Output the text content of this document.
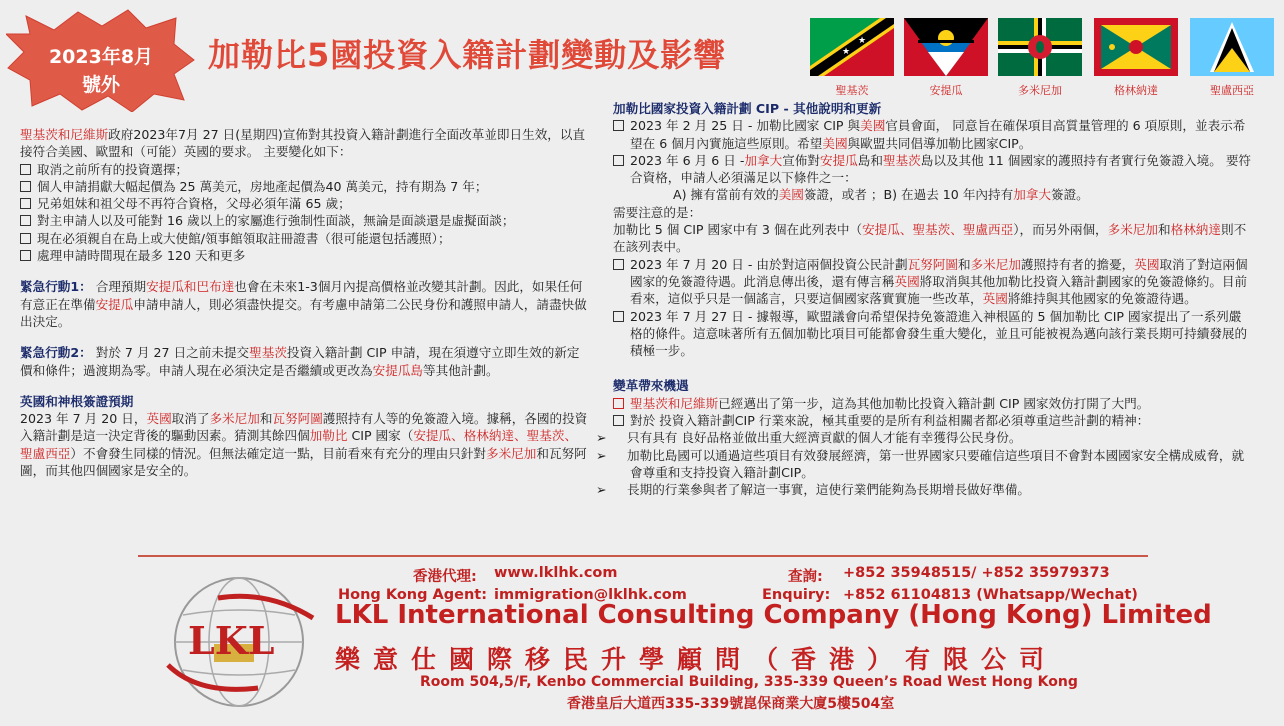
2023年8月
號外
加勒比5國投資入籍計劃變動及影響	★
★
聖基茨	安提瓜	多米尼加	格林納達	聖盧西亞

聖基茨和尼維斯政府2023年7月 27 日(星期四)宣佈對其投資入籍計劃進行全面改革並即日生效，以直接符合美國、歐盟和（可能）英國的要求。 主要變化如下：

取消之前所有的投資選擇；

個人申請捐獻大幅起價為 25 萬美元，房地產起價為40 萬美元，持有期為 7 年；

兄弟姐妹和祖父母不再符合資格，父母必須年滿 65 歲；

對主申請人以及可能對 16 歲以上的家屬進行強制性面談，無論是面談還是虛擬面談；

現在必須親自在島上或大使館/領事館領取註冊證書（很可能還包括護照）；

處理申請時間現在最多 120 天和更多

緊急行動1： 合理預期安提瓜和巴布達也會在未來1-3個月內提高價格並改變其計劃。因此，如果任何有意正在準備安提瓜申請申請人，則必須盡快提交。有考慮申請第二公民身份和護照申請人，請盡快做出決定。

緊急行動2： 對於 7 月 27 日之前未提交聖基茨投資入籍計劃 CIP 申請，現在須遵守立即生效的新定價和條件；過渡期為零。申請人現在必須決定是否繼續或更改為安提瓜島等其他計劃。

英國和神根簽證預期

2023 年 7 月 20 日，英國取消了多米尼加和瓦努阿圖護照持有人等的免簽證入境。據稱，各國的投資入籍計劃是這一決定背後的驅動因素。猜測其餘四個加勒比 CIP 國家（安提瓜、格林納達、聖基茨、聖盧西亞）不會發生同樣的情況。但無法確定這一點，目前看來有充分的理由只針對多米尼加和瓦努阿圖，而其他四個國家是安全的。

加勒比國家投資入籍計劃 CIP - 其他說明和更新

2023 年 2 月 25 日 - 加勒比國家 CIP 與美國官員會面， 同意旨在確保項目高質量管理的 6 項原則，並表示希望在 6 個月內實施這些原則。希望美國與歐盟共同倡導加勒比國家CIP。

2023 年 6 月 6 日 -加拿大宣佈對安提瓜島和聖基茨島以及其他 11 個國家的護照持有者實行免簽證入境。 要符合資格，申請人必須滿足以下條件之一：

A) 擁有當前有效的美國簽證，或者 ；B) 在過去 10 年內持有加拿大簽證。

需要注意的是：

加勒比 5 個 CIP 國家中有 3 個在此列表中（安提瓜、聖基茨、聖盧西亞），而另外兩個，多米尼加和格林納達則不在該列表中。

2023 年 7 月 20 日 - 由於對這兩個投資公民計劃瓦努阿圖和多米尼加護照持有者的擔憂，英國取消了對這兩個國家的免簽證待遇。此消息傳出後，還有傳言稱英國將取消與其他加勒比投資入籍計劃國家的免簽證條約。目前看來，這似乎只是一個謠言，只要這個國家落實實施一些改革，英國將維持與其他國家的免簽證待遇。

2023 年 7 月 27 日 - 據報導，歐盟議會向希望保持免簽證進入神根區的 5 個加勒比 CIP 國家提出了一系列嚴格的條件。這意味著所有五個加勒比項目可能都會發生重大變化，並且可能被視為邁向該行業長期可持續發展的積極一步。

變革帶來機遇

聖基茨和尼維斯已經邁出了第一步，這為其他加勒比投資入籍計劃 CIP 國家效仿打開了大門。

對於 投資入籍計劃CIP 行業來說，極其重要的是所有利益相關者都必須尊重這些計劃的精神：

➢ 只有具有 良好品格並做出重大經濟貢獻的個人才能有幸獲得公民身份。

➢ 加勒比島國可以通過這些項目有效發展經濟，第一世界國家只要確信這些項目不會對本國國家安全構成威脅，就會尊重和支持投資入籍計劃CIP。

➢ 長期的行業參與者了解這一事實，這使行業們能夠為長期增長做好準備。

LKL
香港代理: www.lklhk.com
Hong Kong Agent: immigration@lklhk.com
查詢: +852 35948515/ +852 35979373
Enquiry: +852 61104813 (Whatsapp/Wechat)
LKL International Consulting Company (Hong Kong) Limited
樂意仕國際移民升學顧問（香港）有限公司
Room 504,5/F, Kenbo Commercial Building, 335-339 Queen’s Road West Hong Kong
香港皇后大道西335-339號崑保商業大廈5樓504室
